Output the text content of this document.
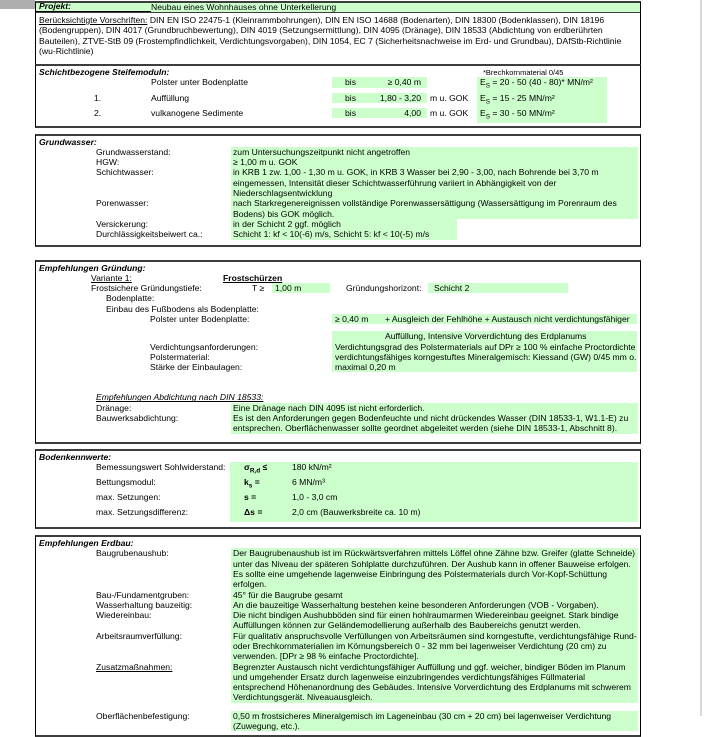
Projekt:	Neubau eines Wohnhauses ohne Unterkellerung
Berücksichtigte Vorschriften: DIN EN ISO 22475-1 (Kleinrammbohrungen), DIN EN ISO 14688 (Bodenarten), DIN 18300 (Bodenklassen), DIN 18196 (Bodengruppen), DIN 4017 (Grundbruchbewertung), DIN 4019 (Setzungsermittlung), DIN 4095 (Dränage), DIN 18533 (Abdichtung von erdberührten Bauteilen), ZTVE-StB 09 (Frostempfindlichkeit, Verdichtungsvorgaben), DIN 1054, EC 7 (Sicherheitsnachweise im Erd- und Grundbau), DAfStb-Richtlinie (wu-Richtlinie)
Schichtbezogene Steifemoduln:	*Brechkornmaterial 0/45
Polster unter Bodenplatte	bis	≥ 0,40 m	$E_S = 20 - 50$ (40 - 80)* MN/m²
1.	Auffüllung	bis	1,80 - 3,20	m u. GOK	$E_S = 15 - 25$ MN/m²
2.	vulkanogene Sedimente	bis	4,00	m u. GOK	$E_S = 30 - 50$ MN/m²
Grundwasser:
Grundwasserstand:	zum Untersuchungszeitpunkt nicht angetroffen
HGW:	≥ 1,00 m u. GOK
Schichtwasser:	in KRB 1 zw. 1,00 - 1,30 m u. GOK, in KRB 3 Wasser bei 2,90 - 3,00, nach Bohrende bei 3,70 m eingemessen, Intensität dieser Schichtwasserführung variiert in Abhängigkeit von der Niederschlagsentwicklung
Porenwasser:	nach Starkregenereignissen vollständige Porenwassersättigung (Wassersättigung im Porenraum des Bodens) bis GOK möglich.
Versickerung:	in der Schicht 2 ggf. möglich
Durchlässigkeitsbeiwert ca.:	Schicht 1: kf < 10(-6) m/s, Schicht 5: kf < 10(-5) m/s
Empfehlungen Gründung:
Variante 1:	Frostschürzen
Frostsichere Gründungstiefe:	T ≥	1,00 m	Gründungshorizont:	Schicht 2
Bodenplatte:
Einbau des Fußbodens als Bodenplatte:
Polster unter Bodenplatte:	≥ 0,40 m	+ Ausgleich der Fehlhöhe + Austausch nicht verdichtungsfähiger
Auffüllung, Intensive Vorverdichtung des Erdplanums
Verdichtungsanforderungen:	Verdichtungsgrad des Polstermaterials auf DPr ≥ 100 % einfache Proctordichte
Polstermaterial:	verdichtungsfähiges korngestuftes Mineralgemisch: Kiessand (GW) 0/45 mm o.
Stärke der Einbaulagen:	maximal 0,20 m
Empfehlungen Abdichtung nach DIN 18533:
Dränage:	Eine Dränage nach DIN 4095 ist nicht erforderlich.
Bauwerksabdichtung:	Es ist den Anforderungen gegen Bodenfeuchte und nicht drückendes Wasser (DIN 18533-1, W1.1-E) zu entsprechen. Oberflächenwasser sollte geordnet abgeleitet werden (siehe DIN 18533-1, Abschnitt 8).
Bodenkennwerte:
Bemessungswert Sohlwiderstand:	$\sigma_{R,d}$ ≤	180 kN/m²
Bettungsmodul:	$k_s$ =	6 MN/m³
max. Setzungen:	s =	1,0 - 3,0 cm
max. Setzungsdifferenz:	Δs =	2,0 cm (Bauwerksbreite ca. 10 m)
Empfehlungen Erdbau:
Baugrubenaushub:	Der Baugrubenaushub ist im Rückwärtsverfahren mittels Löffel ohne Zähne bzw. Greifer (glatte Schneide) unter das Niveau der späteren Sohlplatte durchzuführen. Der Aushub kann in offener Bauweise erfolgen. Es sollte eine umgehende lagenweise Einbringung des Polstermaterials durch Vor-Kopf-Schüttung erfolgen.
Bau-/Fundamentgruben:	45° für die Baugrube gesamt
Wasserhaltung bauzeitig:	An die bauzeitige Wasserhaltung bestehen keine besonderen Anforderungen (VOB - Vorgaben).
Wiedereinbau:	Die nicht bindigen Aushubböden sind für einen hohlraumarmen Wiedereinbau geeignet. Stark bindige Auffüllungen können zur Geländemodellierung außerhalb des Baubereichs genutzt werden.
Arbeitsraumverfüllung:	Für qualitativ anspruchsvolle Verfüllungen von Arbeitsräumen sind korngestufte, verdichtungsfähige Rund- oder Brechkornmaterialien im Körnungsbereich 0 - 32 mm bei lagenweiser Verdichtung (20 cm) zu verwenden. [DPr ≥ 98 % einfache Proctordichte].
Zusatzmaßnahmen:	Begrenzter Austausch nicht verdichtungsfähiger Auffüllung und ggf. weicher, bindiger Böden im Planum und umgehender Ersatz durch lagenweise einzubringendes verdichtungsfähiges Füllmaterial entsprechend Höhenanordnung des Gebäudes. Intensive Vorverdichtung des Erdplanums mit schwerem Verdichtungsgerät. Niveauausgleich.
Oberflächenbefestigung:	0,50 m frostsicheres Mineralgemisch im Lageneinbau (30 cm + 20 cm) bei lagenweiser Verdichtung (Zuwegung, etc.).
